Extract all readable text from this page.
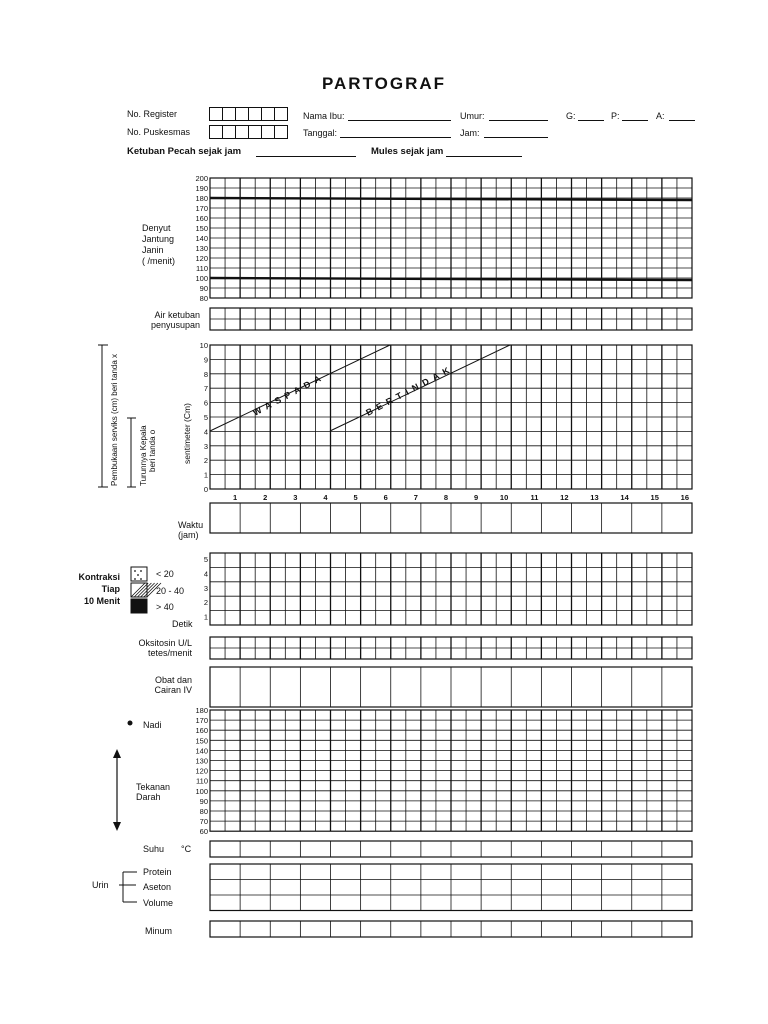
PARTOGRAF
No. Register
No. Puskesmas
Nama Ibu:
Tanggal:
Umur:
Jam:
G:	P:	A:
Ketuban Pecah sejak jam	Mules sejak jam
Denyut
Jantung
Janin
( /menit)
Air ketuban
penyusupan
sentimeter (Cm)
Pembukaan serviks (cm) beri tanda x	Turunnya Kepala beri tanda o
Waktu
(jam)
Kontraksi
Tiap
10 Menit
< 20
20 - 40
> 40
Detik
Oksitosin U/L
tetes/menit
Obat dan
Cairan IV
Nadi
Tekanan
Darah
Suhu °C
Urin
Protein
Aseton
Volume
Minum
200
190
180
170
160
150
140
130
120
110
100
90
80
10
9
8
7
6
5
4
3
2
1
0
1	2	3	4	5	6	7	8	9	10	11	12	13	14	15	16
WASPADA	BERTINDAK
5
4
3
2
1
180
170
160
150
140
130
120
110
100
90
80
70
60
